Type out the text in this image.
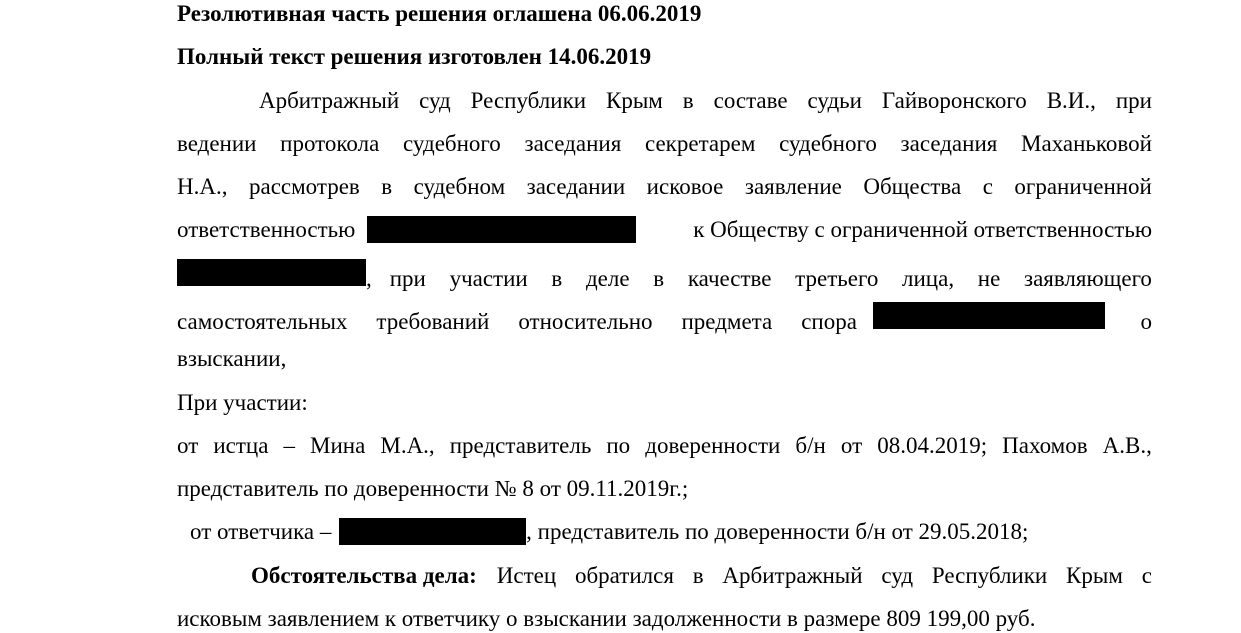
Резолютивная часть решения оглашена 06.06.2019
Полный текст решения изготовлен 14.06.2019
Арбитражный суд Республики Крым в составе судьи Гайворонского В.И., при
ведении протокола судебного заседания секретарем судебного заседания Маханьковой
Н.А., рассмотрев в судебном заседании исковое заявление Общества с ограниченной
ответственностью	к Обществу с ограниченной ответственностью
, при участии в деле в качестве третьего лица, не заявляющего
самостоятельных требований относительно предмета спора	о
взыскании,
При участии:
от истца – Мина М.А., представитель по доверенности б/н от 08.04.2019; Пахомов А.В.,
представитель по доверенности № 8 от 09.11.2019г.;
от ответчика –	, представитель по доверенности б/н от 29.05.2018;
Обстоятельства дела: Истец обратился в Арбитражный суд Республики Крым с
исковым заявлением к ответчику о взыскании задолженности в размере 809 199,00 руб.
